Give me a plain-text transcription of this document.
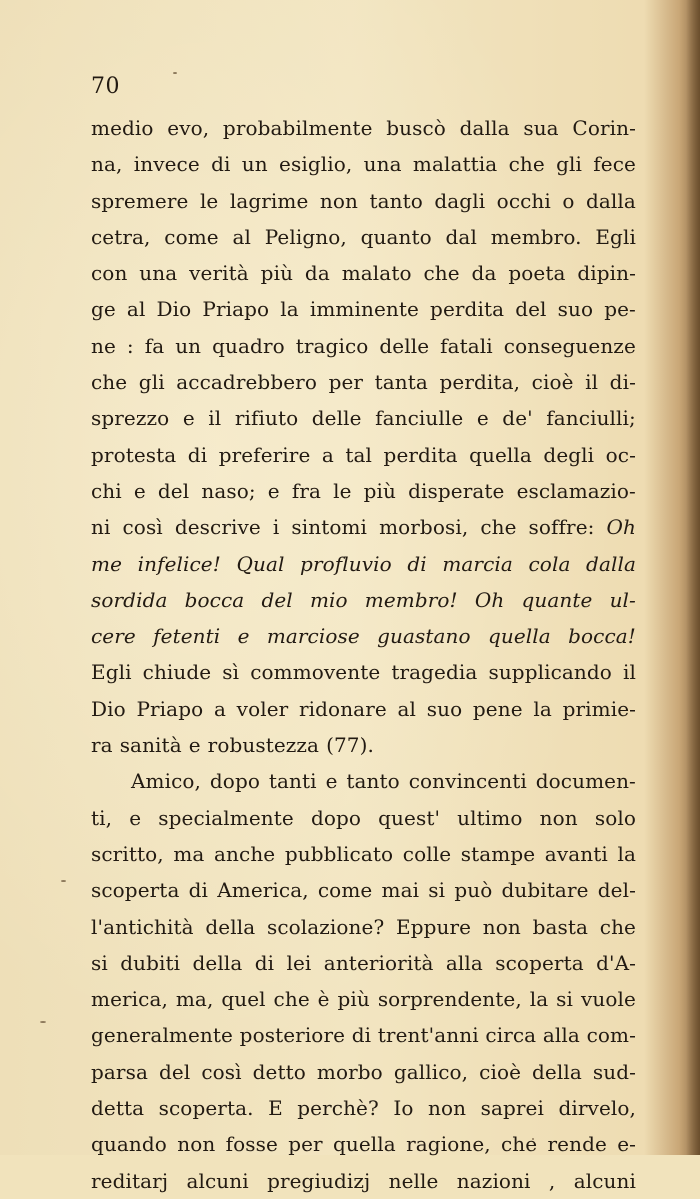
70
medio evo, probabilmente buscò dalla sua Corin-
na, invece di un esiglio, una malattia che gli fece
spremere le lagrime non tanto dagli occhi o dalla
cetra, come al Peligno, quanto dal membro. Egli
con una verità più da malato che da poeta dipin-
ge al Dio Priapo la imminente perdita del suo pe-
ne : fa un quadro tragico delle fatali conseguenze
che gli accadrebbero per tanta perdita, cioè il di-
sprezzo e il rifiuto delle fanciulle e de' fanciulli;
protesta di preferire a tal perdita quella degli oc-
chi e del naso; e fra le più disperate esclamazio-
ni così descrive i sintomi morbosi, che soffre: Oh
me infelice! Qual profluvio di marcia cola dalla
sordida bocca del mio membro! Oh quante ul-
cere fetenti e marciose guastano quella bocca!
Egli chiude sì commovente tragedia supplicando il
Dio Priapo a voler ridonare al suo pene la primie-
ra sanità e robustezza (77).
Amico, dopo tanti e tanto convincenti documen-
ti, e specialmente dopo quest' ultimo non solo
scritto, ma anche pubblicato colle stampe avanti la
scoperta di America, come mai si può dubitare del-
l'antichità della scolazione? Eppure non basta che
si dubiti della di lei anteriorità alla scoperta d'A-
merica, ma, quel che è più sorprendente, la si vuole
generalmente posteriore di trent'anni circa alla com-
parsa del così detto morbo gallico, cioè della sud-
detta scoperta. E perchè? Io non saprei dirvelo,
quando non fosse per quella ragione, che rende e-
reditarj alcuni pregiudizj nelle nazioni , alcuni
